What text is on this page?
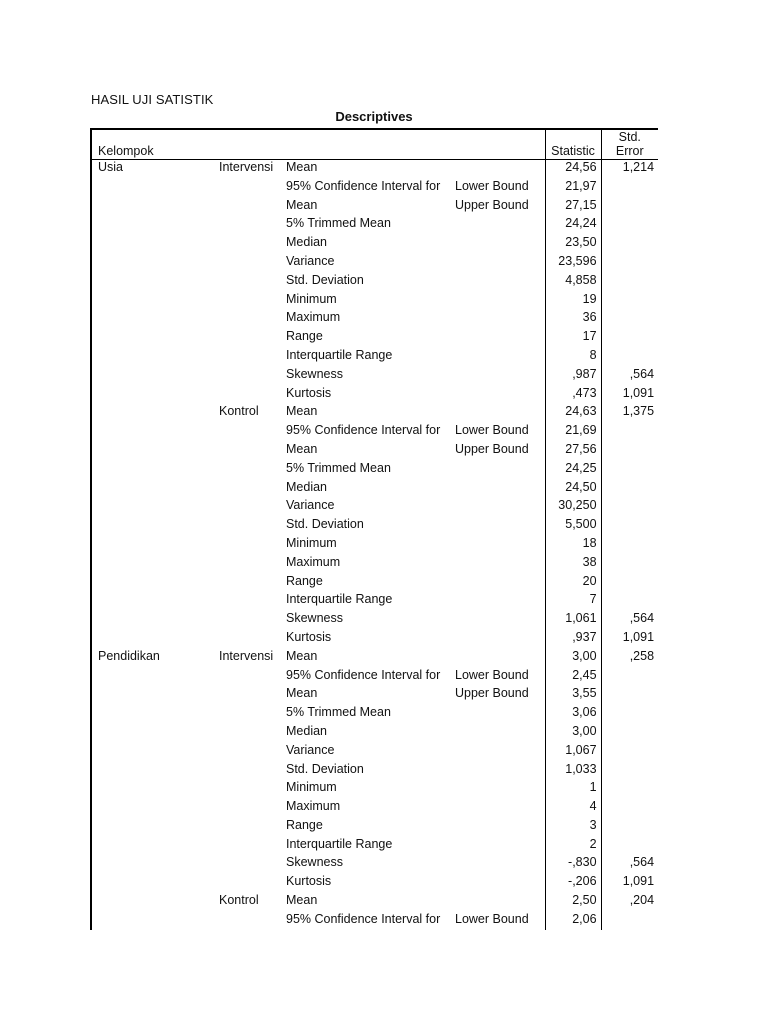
HASIL UJI SATISTIK
Descriptives
Kelompok				Statistic	Std.
Error
Usia	Intervensi	Mean		24,56	1,214
		95% Confidence Interval for	Lower Bound	21,97	
		Mean	Upper Bound	27,15	
		5% Trimmed Mean		24,24	
		Median		23,50	
		Variance		23,596	
		Std. Deviation		4,858	
		Minimum		19	
		Maximum		36	
		Range		17	
		Interquartile Range		8	
		Skewness		,987	,564
		Kurtosis		,473	1,091
	Kontrol	Mean		24,63	1,375
		95% Confidence Interval for	Lower Bound	21,69	
		Mean	Upper Bound	27,56	
		5% Trimmed Mean		24,25	
		Median		24,50	
		Variance		30,250	
		Std. Deviation		5,500	
		Minimum		18	
		Maximum		38	
		Range		20	
		Interquartile Range		7	
		Skewness		1,061	,564
		Kurtosis		,937	1,091
Pendidikan	Intervensi	Mean		3,00	,258
		95% Confidence Interval for	Lower Bound	2,45	
		Mean	Upper Bound	3,55	
		5% Trimmed Mean		3,06	
		Median		3,00	
		Variance		1,067	
		Std. Deviation		1,033	
		Minimum		1	
		Maximum		4	
		Range		3	
		Interquartile Range		2	
		Skewness		-,830	,564
		Kurtosis		-,206	1,091
	Kontrol	Mean		2,50	,204
		95% Confidence Interval for	Lower Bound	2,06	
